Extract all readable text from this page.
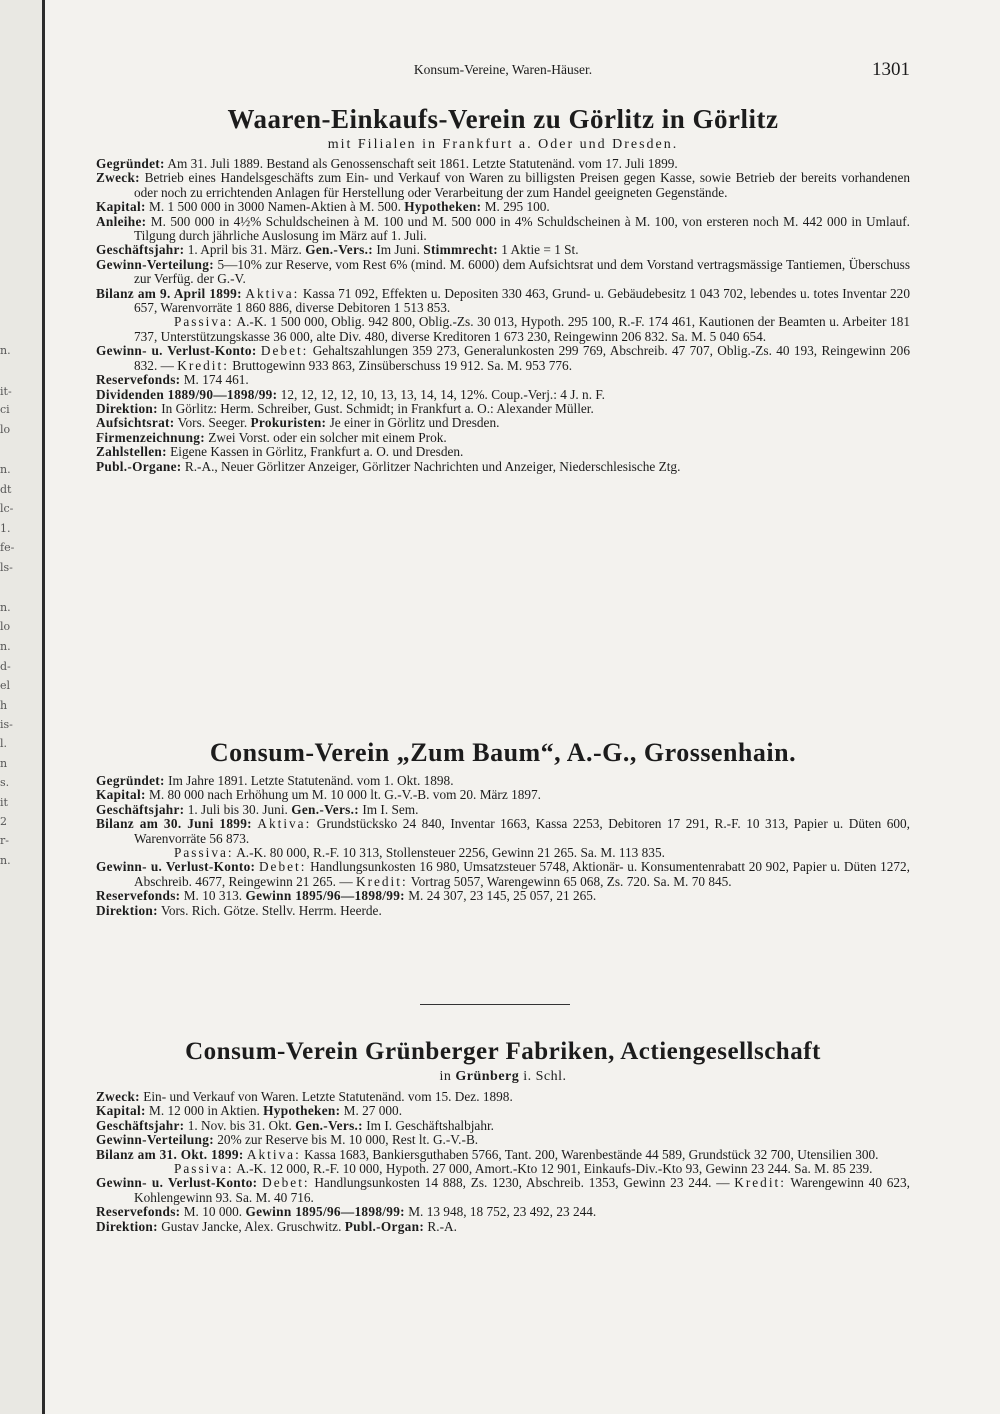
n.
it-
ci
lo
n.
dt
lc-
1.
fe-
ls-
n.
lo
n.
d-
el
h
is-
l.
n
s.
it
2
r-
n.
Konsum-Vereine, Waren-Häuser.	1301
Waaren-Einkaufs-Verein zu Görlitz in Görlitz

mit Filialen in Frankfurt a. Oder und Dresden.

Gegründet: Am 31. Juli 1889. Bestand als Genossenschaft seit 1861. Letzte Statutenänd. vom 17. Juli 1899.

Zweck: Betrieb eines Handelsgeschäfts zum Ein- und Verkauf von Waren zu billigsten Preisen gegen Kasse, sowie Betrieb der bereits vorhandenen oder noch zu errichtenden Anlagen für Herstellung oder Verarbeitung der zum Handel geeigneten Gegenstände.

Kapital: M. 1 500 000 in 3000 Namen-Aktien à M. 500. Hypotheken: M. 295 100.

Anleihe: M. 500 000 in 4½% Schuldscheinen à M. 100 und M. 500 000 in 4% Schuldscheinen à M. 100, von ersteren noch M. 442 000 in Umlauf. Tilgung durch jährliche Auslosung im März auf 1. Juli.

Geschäftsjahr: 1. April bis 31. März. Gen.-Vers.: Im Juni. Stimmrecht: 1 Aktie = 1 St.

Gewinn-Verteilung: 5—10% zur Reserve, vom Rest 6% (mind. M. 6000) dem Aufsichtsrat und dem Vorstand vertragsmässige Tantiemen, Überschuss zur Verfüg. der G.-V.

Bilanz am 9. April 1899: Aktiva: Kassa 71 092, Effekten u. Depositen 330 463, Grund- u. Gebäudebesitz 1 043 702, lebendes u. totes Inventar 220 657, Warenvorräte 1 860 886, diverse Debitoren 1 513 853.

Passiva: A.-K. 1 500 000, Oblig. 942 800, Oblig.-Zs. 30 013, Hypoth. 295 100, R.-F. 174 461, Kautionen der Beamten u. Arbeiter 181 737, Unterstützungskasse 36 000, alte Div. 480, diverse Kreditoren 1 673 230, Reingewinn 206 832. Sa. M. 5 040 654.

Gewinn- u. Verlust-Konto: Debet: Gehaltszahlungen 359 273, Generalunkosten 299 769, Abschreib. 47 707, Oblig.-Zs. 40 193, Reingewinn 206 832. — Kredit: Bruttogewinn 933 863, Zinsüberschuss 19 912. Sa. M. 953 776.

Reservefonds: M. 174 461.

Dividenden 1889/90—1898/99: 12, 12, 12, 12, 10, 13, 13, 14, 14, 12%. Coup.-Verj.: 4 J. n. F.

Direktion: In Görlitz: Herm. Schreiber, Gust. Schmidt; in Frankfurt a. O.: Alexander Müller.

Aufsichtsrat: Vors. Seeger. Prokuristen: Je einer in Görlitz und Dresden.

Firmenzeichnung: Zwei Vorst. oder ein solcher mit einem Prok.

Zahlstellen: Eigene Kassen in Görlitz, Frankfurt a. O. und Dresden.

Publ.-Organe: R.-A., Neuer Görlitzer Anzeiger, Görlitzer Nachrichten und Anzeiger, Niederschlesische Ztg.

Consum-Verein „Zum Baum“, A.-G., Grossenhain.

Gegründet: Im Jahre 1891. Letzte Statutenänd. vom 1. Okt. 1898.

Kapital: M. 80 000 nach Erhöhung um M. 10 000 lt. G.-V.-B. vom 20. März 1897.

Geschäftsjahr: 1. Juli bis 30. Juni. Gen.-Vers.: Im I. Sem.

Bilanz am 30. Juni 1899: Aktiva: Grundstücksko 24 840, Inventar 1663, Kassa 2253, Debitoren 17 291, R.-F. 10 313, Papier u. Düten 600, Warenvorräte 56 873.

Passiva: A.-K. 80 000, R.-F. 10 313, Stollensteuer 2256, Gewinn 21 265. Sa. M. 113 835.

Gewinn- u. Verlust-Konto: Debet: Handlungsunkosten 16 980, Umsatzsteuer 5748, Aktionär- u. Konsumentenrabatt 20 902, Papier u. Düten 1272, Abschreib. 4677, Reingewinn 21 265. — Kredit: Vortrag 5057, Warengewinn 65 068, Zs. 720. Sa. M. 70 845.

Reservefonds: M. 10 313. Gewinn 1895/96—1898/99: M. 24 307, 23 145, 25 057, 21 265.

Direktion: Vors. Rich. Götze. Stellv. Herrm. Heerde.

Consum-Verein Grünberger Fabriken, Actiengesellschaft

in Grünberg i. Schl.

Zweck: Ein- und Verkauf von Waren. Letzte Statutenänd. vom 15. Dez. 1898.

Kapital: M. 12 000 in Aktien. Hypotheken: M. 27 000.

Geschäftsjahr: 1. Nov. bis 31. Okt. Gen.-Vers.: Im I. Geschäftshalbjahr.

Gewinn-Verteilung: 20% zur Reserve bis M. 10 000, Rest lt. G.-V.-B.

Bilanz am 31. Okt. 1899: Aktiva: Kassa 1683, Bankiersguthaben 5766, Tant. 200, Warenbestände 44 589, Grundstück 32 700, Utensilien 300.

Passiva: A.-K. 12 000, R.-F. 10 000, Hypoth. 27 000, Amort.-Kto 12 901, Einkaufs-Div.-Kto 93, Gewinn 23 244. Sa. M. 85 239.

Gewinn- u. Verlust-Konto: Debet: Handlungsunkosten 14 888, Zs. 1230, Abschreib. 1353, Gewinn 23 244. — Kredit: Warengewinn 40 623, Kohlengewinn 93. Sa. M. 40 716.

Reservefonds: M. 10 000. Gewinn 1895/96—1898/99: M. 13 948, 18 752, 23 492, 23 244.

Direktion: Gustav Jancke, Alex. Gruschwitz. Publ.-Organ: R.-A.
